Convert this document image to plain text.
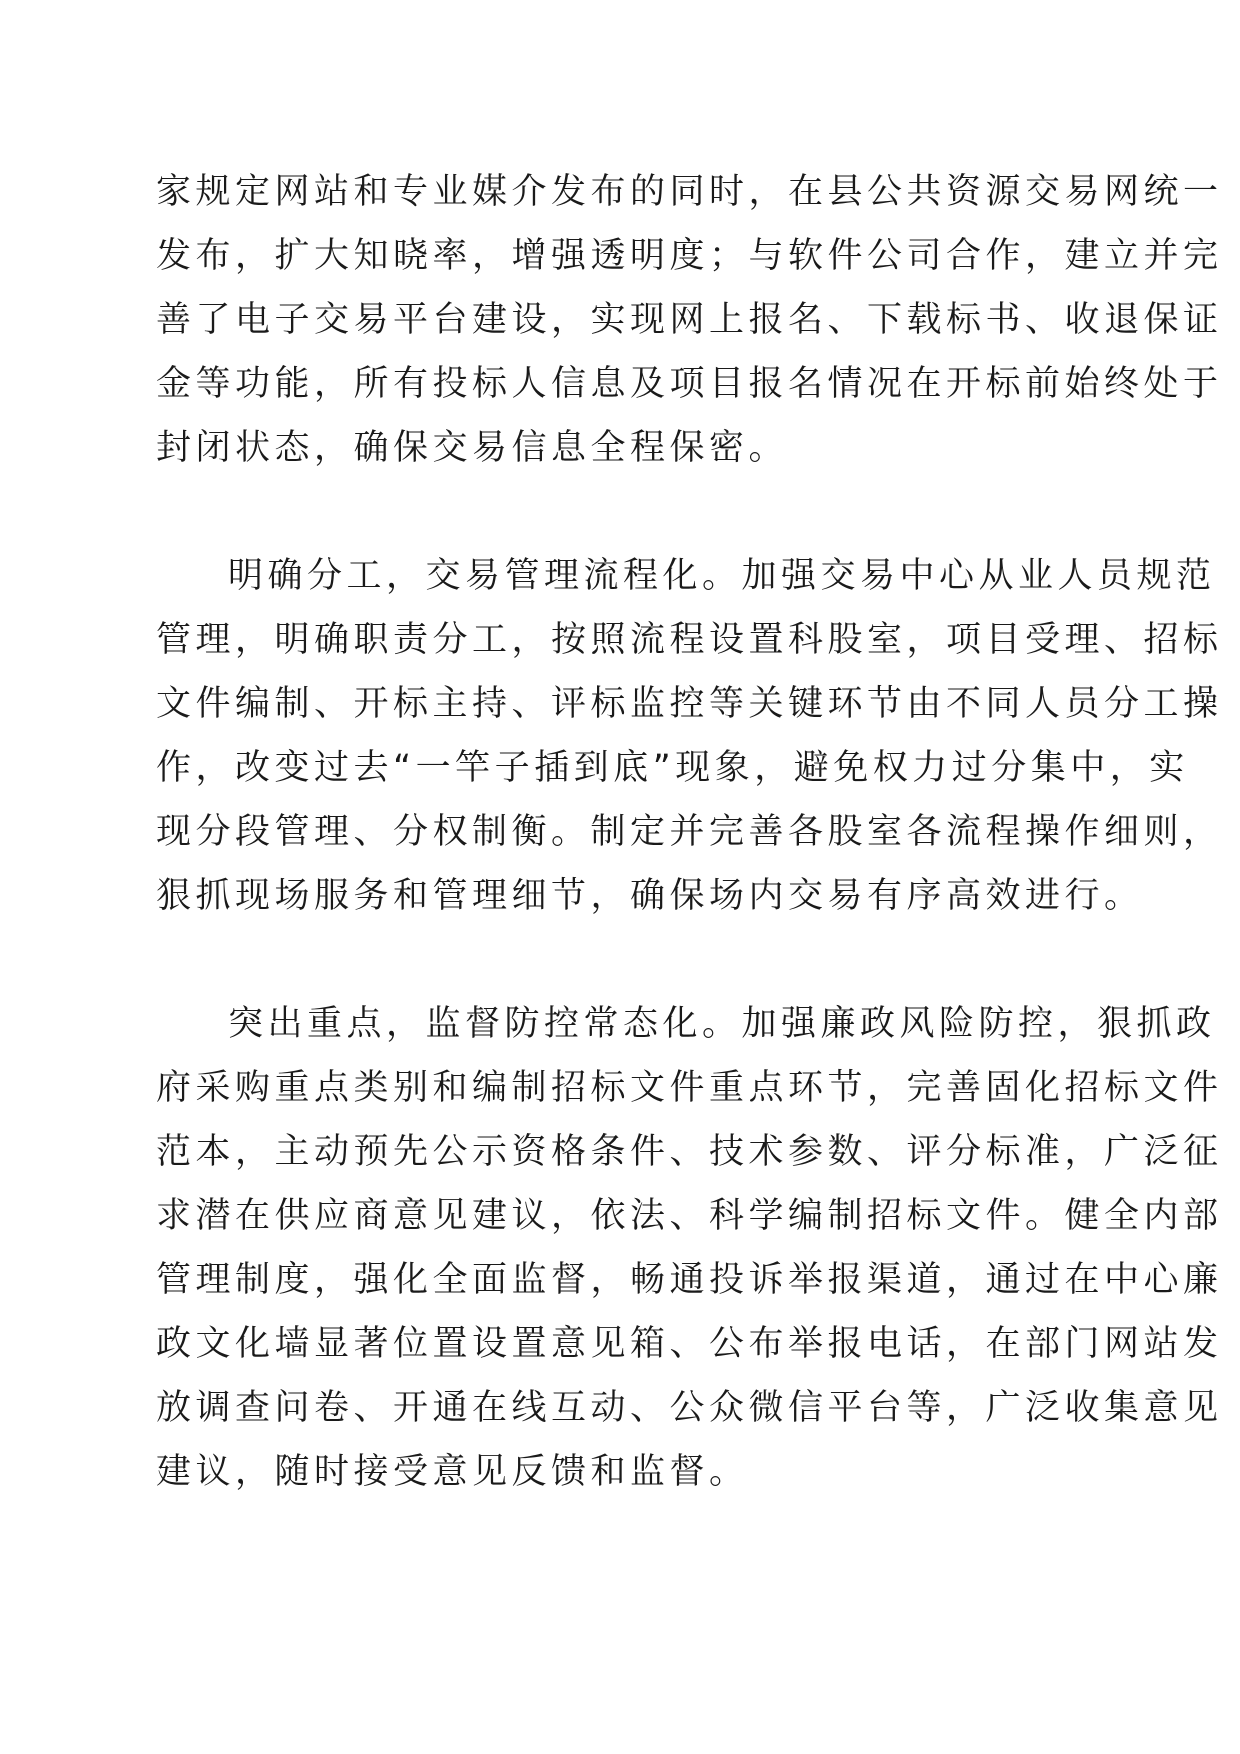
家规定网站和专业媒介发布的同时，在县公共资源交易网统一
发布，扩大知晓率，增强透明度；与软件公司合作，建立并完
善了电子交易平台建设，实现网上报名、下载标书、收退保证
金等功能，所有投标人信息及项目报名情况在开标前始终处于
封闭状态，确保交易信息全程保密。
明确分工，交易管理流程化。加强交易中心从业人员规范
管理，明确职责分工，按照流程设置科股室，项目受理、招标
文件编制、开标主持、评标监控等关键环节由不同人员分工操
作，改变过去“一竿子插到底”现象，避免权力过分集中，实
现分段管理、分权制衡。制定并完善各股室各流程操作细则，
狠抓现场服务和管理细节，确保场内交易有序高效进行。
突出重点，监督防控常态化。加强廉政风险防控，狠抓政
府采购重点类别和编制招标文件重点环节，完善固化招标文件
范本，主动预先公示资格条件、技术参数、评分标准，广泛征
求潜在供应商意见建议，依法、科学编制招标文件。健全内部
管理制度，强化全面监督，畅通投诉举报渠道，通过在中心廉
政文化墙显著位置设置意见箱、公布举报电话，在部门网站发
放调查问卷、开通在线互动、公众微信平台等，广泛收集意见
建议，随时接受意见反馈和监督。
